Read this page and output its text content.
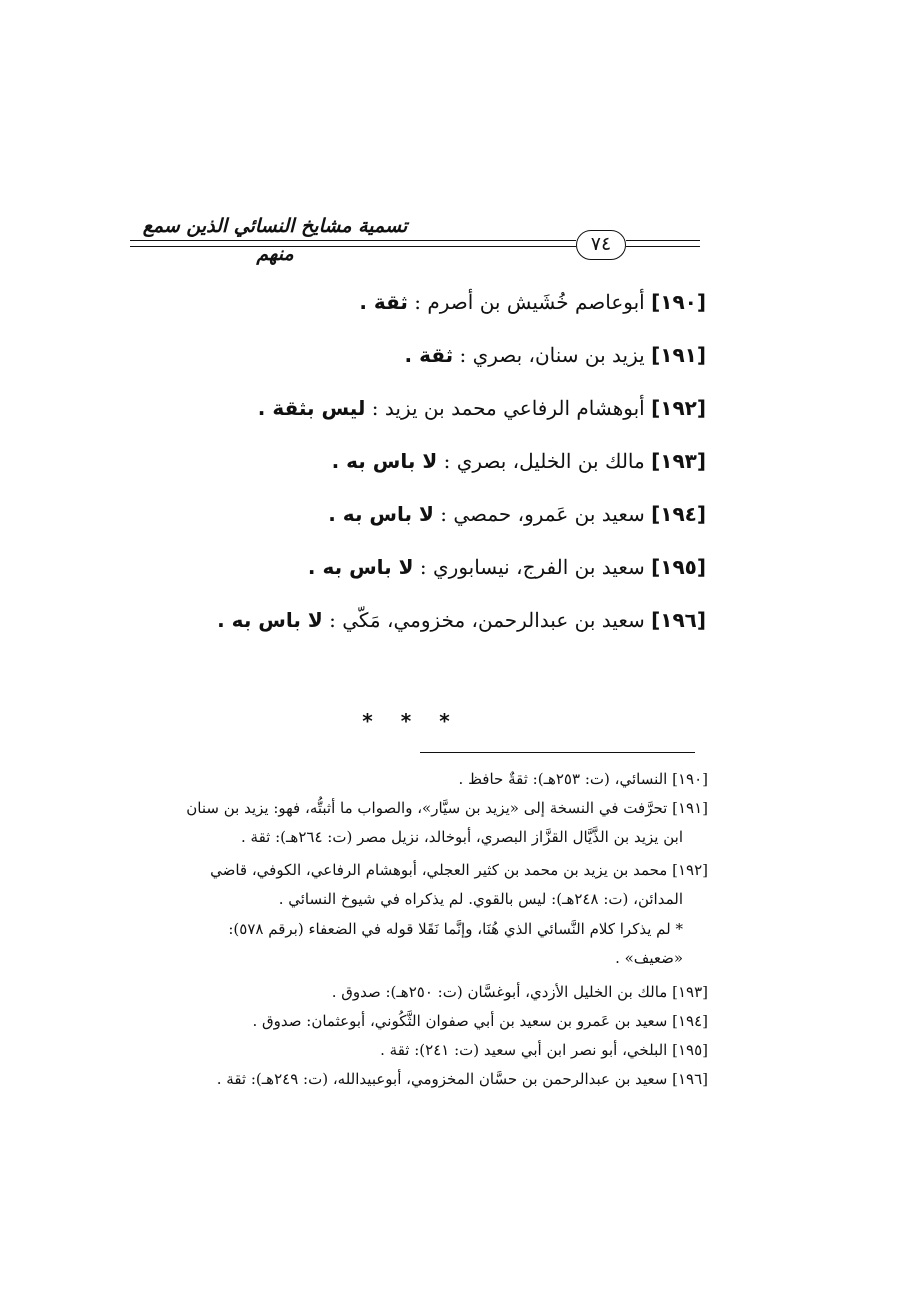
تسمية مشايخ النسائي الذين سمع منهم	٧٤
[١٩٠] أبوعاصم خُشَيش بن أصرم : ثقة .
[١٩١] يزيد بن سنان، بصري : ثقة .
[١٩٢] أبوهشام الرفاعي محمد بن يزيد : ليس بثقة .
[١٩٣] مالك بن الخليل، بصري : لا باس به .
[١٩٤] سعيد بن عَمرو، حمصي : لا باس به .
[١٩٥] سعيد بن الفرج، نيسابوري : لا باس به .
[١٩٦] سعيد بن عبدالرحمن، مخزومي، مَكّي : لا باس به .
***
[١٩٠] النسائي، (ت: ٢٥٣هـ): ثقةٌ حافظ .
[١٩١] تحرَّفت في النسخة إلى «يزيد بن سيَّار»، والصواب ما أثبتُّه، فهو: يزيد بن سنان
ابن يزيد بن الذَّيَّال القزَّاز البصري، أبوخالد، نزيل مصر (ت: ٢٦٤هـ): ثقة .
[١٩٢] محمد بن يزيد بن محمد بن كثير العجلي، أبوهشام الرفاعي، الكوفي، قاضي
المدائن، (ت: ٢٤٨هـ): ليس بالقوي. لم يذكراه في شيوخ النسائي .
* لم يذكرا كلام النَّسائي الذي هُنَا، وإنَّما نَقَلا قوله في الضعفاء (برقم ٥٧٨):
«ضعيف» .
[١٩٣] مالك بن الخليل الأزدي، أبوغسَّان (ت: ٢٥٠هـ): صدوق .
[١٩٤] سعيد بن عَمرو بن سعيد بن أبي صفوان الثَّكُوني، أبوعثمان: صدوق .
[١٩٥] البلخي، أبو نصر ابن أبي سعيد (ت: ٢٤١): ثقة .
[١٩٦] سعيد بن عبدالرحمن بن حسَّان المخزومي، أبوعبيدالله، (ت: ٢٤٩هـ): ثقة .
